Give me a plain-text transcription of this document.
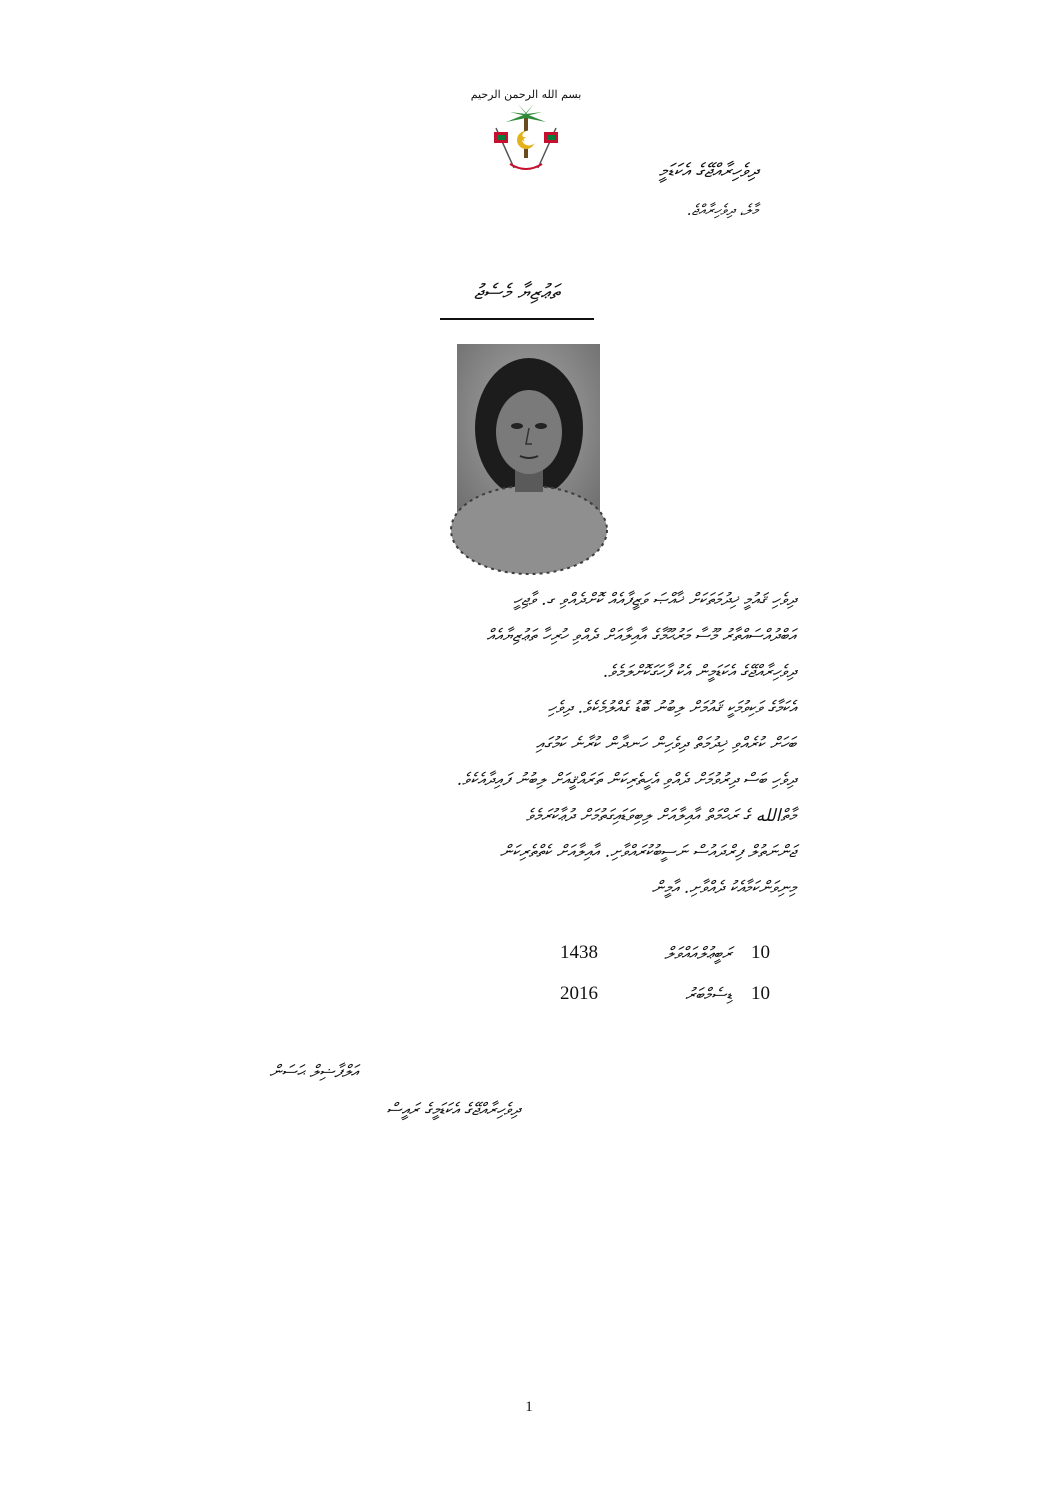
بسم الله الرحمن الرحيم
ދިވެހިރާއްޖޭގެ އެކަޑަމީ
މާލެ، ދިވެހިރާއްޖެ.
ތަޢުޒިޔާ މެސެޖު
ދިވެހި ޤައުމީ ޚިދުމަތަކަށް ޚާއްޞަ ވަޒީފާއެއް ކޮށްދެއްވި ގ. ވާޖިހީ
އަބްދުއްސައްތާރު މޫސާ މަރުޙޫމާގެ އާއިލާއަށް ދެއްވި ހުރިހާ ތަޢުޒިޔާއެއް
ދިވެހިރާއްޖޭގެ އެކަޑަމީން އެކު ފާހަގަކޮށްލަމެވެ.
އެކަމާގެ ވަކިވުމަކީ ޤައުމަށް ލިބުނު ބޮޑު ގެއްލުމެކެވެ. ދިވެހި
ބަހަށް ކުރެއްވި ޚިދުމަތް ދިވެހިން ހަނދާން ކުރާނެ ކަމުގައި
ދިވެހި ބަސް ދިރުވުމަށް ދެއްވި އެހީތެރިކަން ތަރައްޤީއަށް ލިބުނު ފައިދާއެކެވެ.
މާތްالله ގެ ރަޙްމަތް އާއިލާއަށް ލިބިވަޑައިގަތުމަށް ދުޢާކުރަމެވެ
ޖަންނަތުލް ފިރްދައުސް ނަސީބުކުރައްވާށި. އާއިލާއަށް ކެތްތެރިކަން
މިނިވަންކަމާއެކު ދެއްވާށި. އާމީން
10
ރަބީޢުލްއައްވަލް
1438
10
ޑިސެމްބަރު
2016
އަލްފާޟިލް ޙަސަން
ދިވެހިރާއްޖޭގެ އެކަޑަމީގެ ރައީސް
1
